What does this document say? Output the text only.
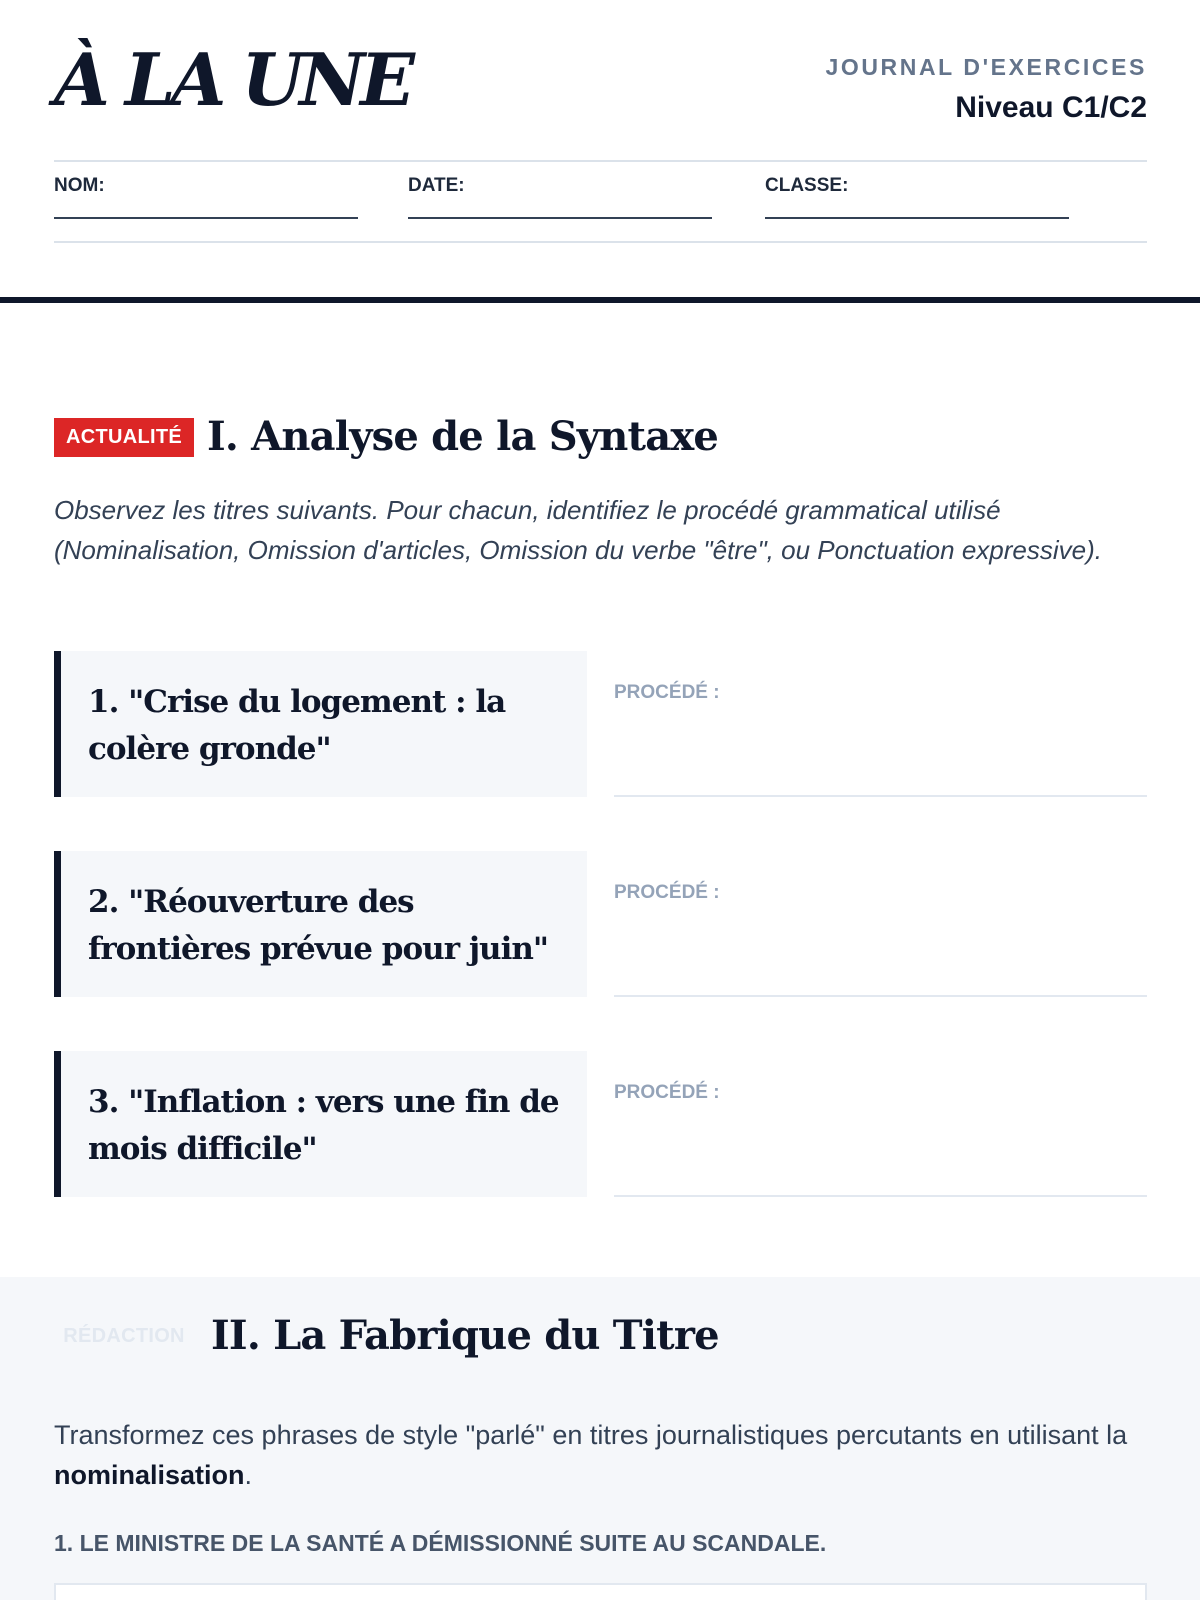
À LA UNE	JOURNAL D'EXERCICES
Niveau C1/C2
NOM:	DATE:	CLASSE:
ACTUALITÉ I. Analyse de la Syntaxe
Observez les titres suivants. Pour chacun, identifiez le procédé grammatical utilisé (Nominalisation, Omission d'articles, Omission du verbe "être", ou Ponctuation expressive).
1. "Crise du logement : la colère gronde"
PROCÉDÉ :
2. "Réouverture des frontières prévue pour juin"
PROCÉDÉ :
3. "Inflation : vers une fin de mois difficile"
PROCÉDÉ :
RÉDACTION II. La Fabrique du Titre
Transformez ces phrases de style "parlé" en titres journalistiques percutants en utilisant la nominalisation.
1. LE MINISTRE DE LA SANTÉ A DÉMISSIONNÉ SUITE AU SCANDALE.
